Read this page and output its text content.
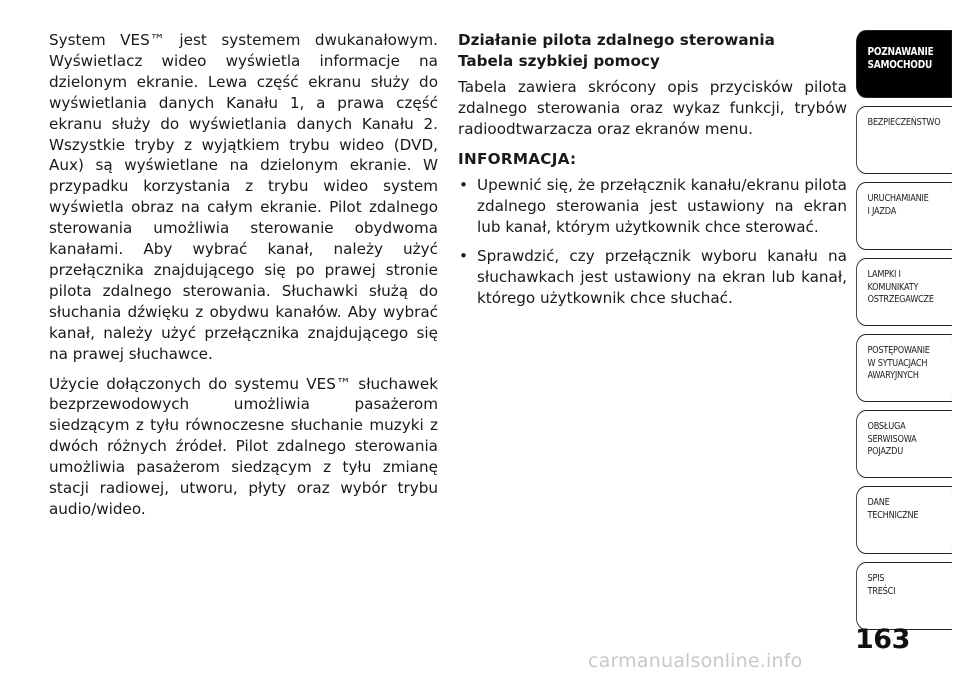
System VES™ jest systemem dwukanałowym. Wyświetlacz wideo wyświetla informacje na dzielonym ekranie. Lewa część ekranu służy do wyświetlania danych Kanału 1, a prawa część ekranu służy do wyświetlania danych Kanału 2. Wszystkie tryby z wyjątkiem trybu wideo (DVD, Aux) są wyświetlane na dzielonym ekranie. W przypadku korzystania z trybu wideo system wyświetla obraz na całym ekranie. Pilot zdalnego sterowania umożliwia sterowanie obydwoma kanałami. Aby wybrać kanał, należy użyć przełącznika znajdującego się po prawej stronie pilota zdalnego sterowania. Słuchawki służą do słuchania dźwięku z obydwu kanałów. Aby wybrać kanał, należy użyć przełącznika znajdującego się na prawej słuchawce.

Użycie dołączonych do systemu VES™ słuchawek bezprzewodowych umożliwia pasażerom siedzącym z tyłu równoczesne słuchanie muzyki z dwóch różnych źródeł. Pilot zdalnego sterowania umożliwia pasażerom siedzącym z tyłu zmianę stacji radiowej, utworu, płyty oraz wybór trybu audio/wideo.

Działanie pilota zdalnego sterowania
Tabela szybkiej pomocy

Tabela zawiera skrócony opis przycisków pilota zdalnego sterowania oraz wykaz funkcji, trybów radioodtwarzacza oraz ekranów menu.

INFORMACJA:
• Upewnić się, że przełącznik kanału/ekranu pilota zdalnego sterowania jest ustawiony na ekran lub kanał, którym użytkownik chce sterować.
• Sprawdzić, czy przełącznik wyboru kanału na słuchawkach jest ustawiony na ekran lub kanał, którego użytkownik chce słuchać.
POZNAWANIE
SAMOCHODU
BEZPIECZEŃSTWO
URUCHAMIANIE
I JAZDA
LAMPKI I
KOMUNIKATY
OSTRZEGAWCZE
POSTĘPOWANIE
W SYTUACJACH
AWARYJNYCH
OBSŁUGA
SERWISOWA
POJAZDU
DANE
TECHNICZNE
SPIS
TREŚCI
163
carmanualsonline.info
